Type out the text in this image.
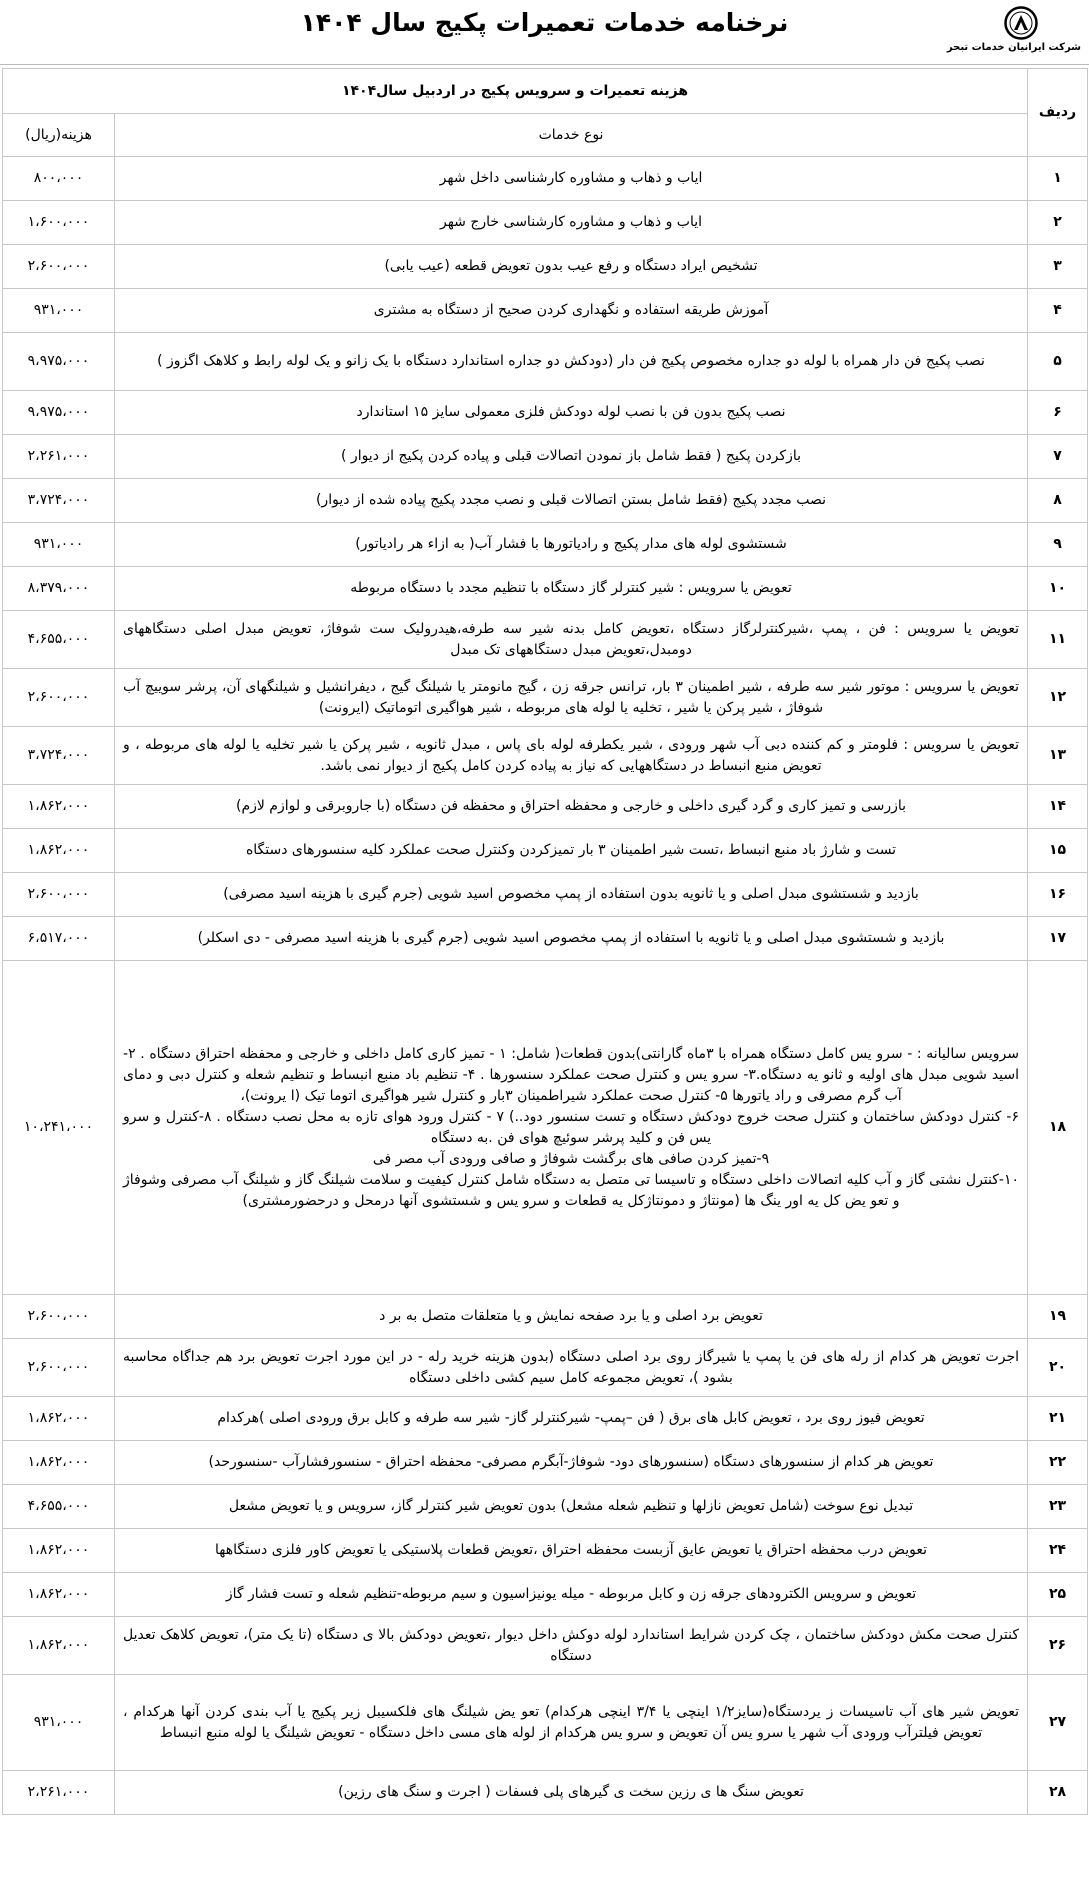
نرخنامه خدمات تعمیرات پکیج سال ۱۴۰۴
شرکت ایرانیان خدمات تبحر
ردیف	هزینه تعمیرات و سرویس پکیج در اردبیل سال۱۴۰۴	
	نوع خدمات	هزینه(ریال)
۱	ایاب و ذهاب و مشاوره کارشناسی داخل شهر	۸۰۰،۰۰۰
۲	ایاب و ذهاب و مشاوره کارشناسی خارج شهر	۱،۶۰۰،۰۰۰
۳	تشخیص ایراد دستگاه و رفع عیب بدون تعویض قطعه (عیب یابی)	۲،۶۰۰،۰۰۰
۴	آموزش طریقه استفاده و نگهداری کردن صحیح از دستگاه به مشتری	۹۳۱،۰۰۰
۵	نصب پکیج فن دار همراه با لوله دو جداره مخصوص پکیج فن دار (دودکش دو جداره استاندارد دستگاه با یک زانو و یک لوله رابط و کلاهک اگزوز )	۹،۹۷۵،۰۰۰
۶	نصب پکیج بدون فن با نصب لوله دودکش فلزی معمولی سایز ۱۵ استاندارد	۹،۹۷۵،۰۰۰
۷	بازکردن پکیج ( فقط شامل باز نمودن اتصالات قبلی و پیاده کردن پکیج از دیوار )	۲،۲۶۱،۰۰۰
۸	نصب مجدد پکیج (فقط شامل بستن اتصالات قبلی و نصب مجدد پکیج پیاده شده از دیوار)	۳،۷۲۴،۰۰۰
۹	شستشوی لوله های مدار پکیج و رادیاتورها با فشار آب( به ازاء هر رادیاتور)	۹۳۱،۰۰۰
۱۰	تعویض یا سرویس : شیر کنترلر گاز دستگاه با تنظیم مجدد با دستگاه مربوطه	۸،۳۷۹،۰۰۰
۱۱	تعویض یا سرویس : فن ، پمپ ،شیرکنترلرگاز دستگاه ،تعویض کامل بدنه شیر سه طرفه،هیدرولیک ست شوفاژ، تعویض مبدل اصلی دستگاههای دومبدل،تعویض مبدل دستگاههای تک مبدل	۴،۶۵۵،۰۰۰
۱۲	تعویض یا سرویس : موتور شیر سه طرفه ، شیر اطمینان ۳ بار، ترانس جرقه زن ، گیج مانومتر یا شیلنگ گیج ، دیفرانشیل و شیلنگهای آن، پرشر سوییچ آب شوفاژ ، شیر پرکن یا شیر ، تخلیه یا لوله های مربوطه ، شیر هواگیری اتوماتیک (ایرونت)	۲،۶۰۰،۰۰۰
۱۳	تعویض یا سرویس : فلومتر و کم کننده دبی آب شهر ورودی ، شیر یکطرفه لوله بای پاس ، مبدل ثانویه ، شیر پرکن یا شیر تخلیه یا لوله های مربوطه ، و تعویض منبع انبساط در دستگاههایی که نیاز به پیاده کردن کامل پکیج از دیوار نمی باشد.	۳،۷۲۴،۰۰۰
۱۴	بازرسی و تمیز کاری و گرد گیری داخلی و خارجی و محفظه احتراق و محفظه فن دستگاه (با جاروبرقی و لوازم لازم)	۱،۸۶۲،۰۰۰
۱۵	تست و شارژ باد منبع انبساط ،تست شیر اطمینان ۳ بار تمیزکردن وکنترل صحت عملکرد کلیه سنسورهای دستگاه	۱،۸۶۲،۰۰۰
۱۶	بازدید و شستشوی مبدل اصلی و یا ثانویه بدون استفاده از پمپ مخصوص اسید شویی (جرم گیری با هزینه اسید مصرفی)	۲،۶۰۰،۰۰۰
۱۷	بازدید و شستشوی مبدل اصلی و یا ثانویه با استفاده از پمپ مخصوص اسید شویی (جرم گیری با هزینه اسید مصرفی - دی اسکلر)	۶،۵۱۷،۰۰۰
۱۸	سرویس سالیانه : - سرو یس کامل دستگاه همراه با ۳ماه گارانتی)بدون قطعات( شامل: ۱ - تمیز کاری کامل داخلی و خارجی و محفظه احتراق دستگاه . ۲- اسید شویی مبدل های اولیه و ثانو یه دستگاه.۳- سرو یس و کنترل صحت عملکرد سنسورها . ۴- تنظیم باد منبع انبساط و تنظیم شعله و کنترل دبی و دمای آب گرم مصرفی و راد یاتورها ۵- کنترل صحت عملکرد شیراطمینان ۳بار و کنترل شیر هواگیری اتوما تیک (ا یرونت)،
۶- کنترل دودکش ساختمان و کنترل صحت خروج دودکش دستگاه و تست سنسور دود..) ۷ - کنترل ورود هوای تازه به محل نصب دستگاه . ۸-کنترل و سرو یس فن و کلید پرشر سوئیچ هوای فن .به دستگاه
۹-تمیز کردن صافی های برگشت شوفاژ و صافی ورودی آب مصر فی
۱۰-کنترل نشتی گاز و آب کلیه اتصالات داخلی دستگاه و تاسیسا تی متصل به دستگاه شامل کنترل کیفیت و سلامت شیلنگ گاز و شیلنگ آب مصرفی وشوفاژ و تعو یض کل یه اور ینگ ها (مونتاژ و دمونتاژکل یه قطعات و سرو یس و شستشوی آنها درمحل و درحضورمشتری)	۱۰،۲۴۱،۰۰۰
۱۹	تعویض برد اصلی و یا برد صفحه نمایش و یا متعلقات متصل به بر د	۲،۶۰۰،۰۰۰
۲۰	اجرت تعویض هر کدام از رله های فن یا پمپ یا شیرگاز روی برد اصلی دستگاه (بدون هزینه خرید رله - در این مورد اجرت تعویض برد هم جداگاه محاسبه بشود )، تعویض مجموعه کامل سیم کشی داخلی دستگاه	۲،۶۰۰،۰۰۰
۲۱	تعویض فیوز روی برد ، تعویض کابل های برق ( فن –پمپ- شیرکنترلر گاز- شیر سه طرفه و کابل برق ورودی اصلی )هرکدام	۱،۸۶۲،۰۰۰
۲۲	تعویض هر کدام از سنسورهای دستگاه (سنسورهای دود- شوفاژ-آبگرم مصرفی- محفظه احتراق - سنسورفشارآب -سنسورحد)	۱،۸۶۲،۰۰۰
۲۳	تبدیل نوع سوخت (شامل تعویض نازلها و تنظیم شعله مشعل) بدون تعویض شیر کنترلر گاز، سرویس و یا تعویض مشعل	۴،۶۵۵،۰۰۰
۲۴	تعویض درب محفظه احتراق یا تعویض عایق آزبست محفظه احتراق ،تعویض قطعات پلاستیکی یا تعویض کاور فلزی دستگاهها	۱،۸۶۲،۰۰۰
۲۵	تعویض و سرویس الکترودهای جرقه زن و کابل مربوطه - میله یونیزاسیون و سیم مربوطه-تنظیم شعله و تست فشار گاز	۱،۸۶۲،۰۰۰
۲۶	کنترل صحت مکش دودکش ساختمان ، چک کردن شرایط استاندارد لوله دوکش داخل دیوار ،تعویض دودکش بالا ی دستگاه (تا یک متر)، تعویض کلاهک تعدیل دستگاه	۱،۸۶۲،۰۰۰
۲۷	تعویض شیر های آب تاسیسات ز یردستگاه(سایز۱/۲ اینچی یا ۳/۴ اینچی هرکدام) تعو یض شیلنگ های فلکسیبل زیر پکیج یا آب بندی کردن آنها هرکدام ، تعویض فیلترآب ورودی آب شهر یا سرو یس آن تعویض و سرو یس هرکدام از لوله های مسی داخل دستگاه - تعویض شیلنگ یا لوله منبع انبساط	۹۳۱،۰۰۰
۲۸	تعویض سنگ ها ی رزین سخت ی گیرهای پلی فسفات ( اجرت و سنگ های رزین)	۲،۲۶۱،۰۰۰
